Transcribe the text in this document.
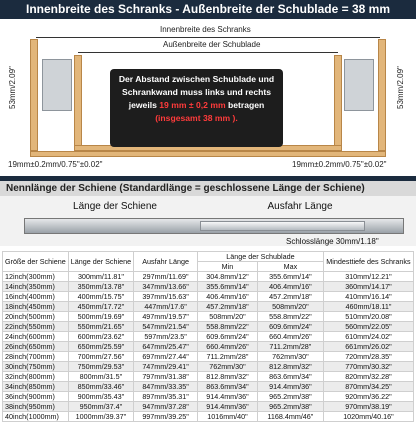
Innenbreite des Schranks - Außenbreite der Schublade = 38 mm
Innenbreite des Schranks
Außenbreite der Schublade
53mm/2.09"	53mm/2.09"
Der Abstand zwischen Schublade und
Schrankwand muss links und rechts
jeweils 19 mm ± 0,2 mm betragen
(insgesamt 38 mm ).
19mm±0.2mm/0.75"±0.02"	19mm±0.2mm/0.75"±0.02"
Nennlänge der Schiene (Standardlänge = geschlossene Länge der Schiene)
Länge der Schiene	Ausfahr Länge
Schlosslänge 30mm/1.18"
Größe der Schiene	Länge der Schiene	Ausfahr Länge	Länge der Schublade		Mindesttiefe des Schranks
			Min	Max	
12inch(300mm)	300mm/11.81"	297mm/11.69"	304.8mm/12"	355.6mm/14"	310mm/12.21"
14inch(350mm)	350mm/13.78"	347mm/13.66"	355.6mm/14"	406.4mm/16"	360mm/14.17"
16inch(400mm)	400mm/15.75"	397mm/15.63"	406.4mm/16"	457.2mm/18"	410mm/16.14"
18inch(450mm)	450mm/17.72"	447mm/17.6"	457.2mm/18"	508mm/20"	460mm/18.11"
20inch(500mm)	500mm/19.69"	497mm/19.57"	508mm/20"	558.8mm/22"	510mm/20.08"
22inch(550mm)	550mm/21.65"	547mm/21.54"	558.8mm/22"	609.6mm/24"	560mm/22.05"
24inch(600mm)	600mm/23.62"	597mm/23.5"	609.6mm/24"	660.4mm/26"	610mm/24.02"
26inch(650mm)	650mm/25.59"	647mm/25.47"	660.4mm/26"	711.2mm/28"	661mm/26.02"
28inch(700mm)	700mm/27.56"	697mm/27.44"	711.2mm/28"	762mm/30"	720mm/28.35"
30inch(750mm)	750mm/29.53"	747mm/29.41"	762mm/30"	812.8mm/32"	770mm/30.32"
32inch(800mm)	800mm/31.5"	797mm/31.38"	812.8mm/32"	863.6mm/34"	820mm/32.28"
34inch(850mm)	850mm/33.46"	847mm/33.35"	863.6mm/34"	914.4mm/36"	870mm/34.25"
36inch(900mm)	900mm/35.43"	897mm/35.31"	914.4mm/36"	965.2mm/38"	920mm/36.22"
38inch(950mm)	950mm/37.4"	947mm/37.28"	914.4mm/36"	965.2mm/38"	970mm/38.19"
40inch(1000mm)	1000mm/39.37"	997mm/39.25"	1016mm/40"	1168.4mm/46"	1020mm/40.16"
